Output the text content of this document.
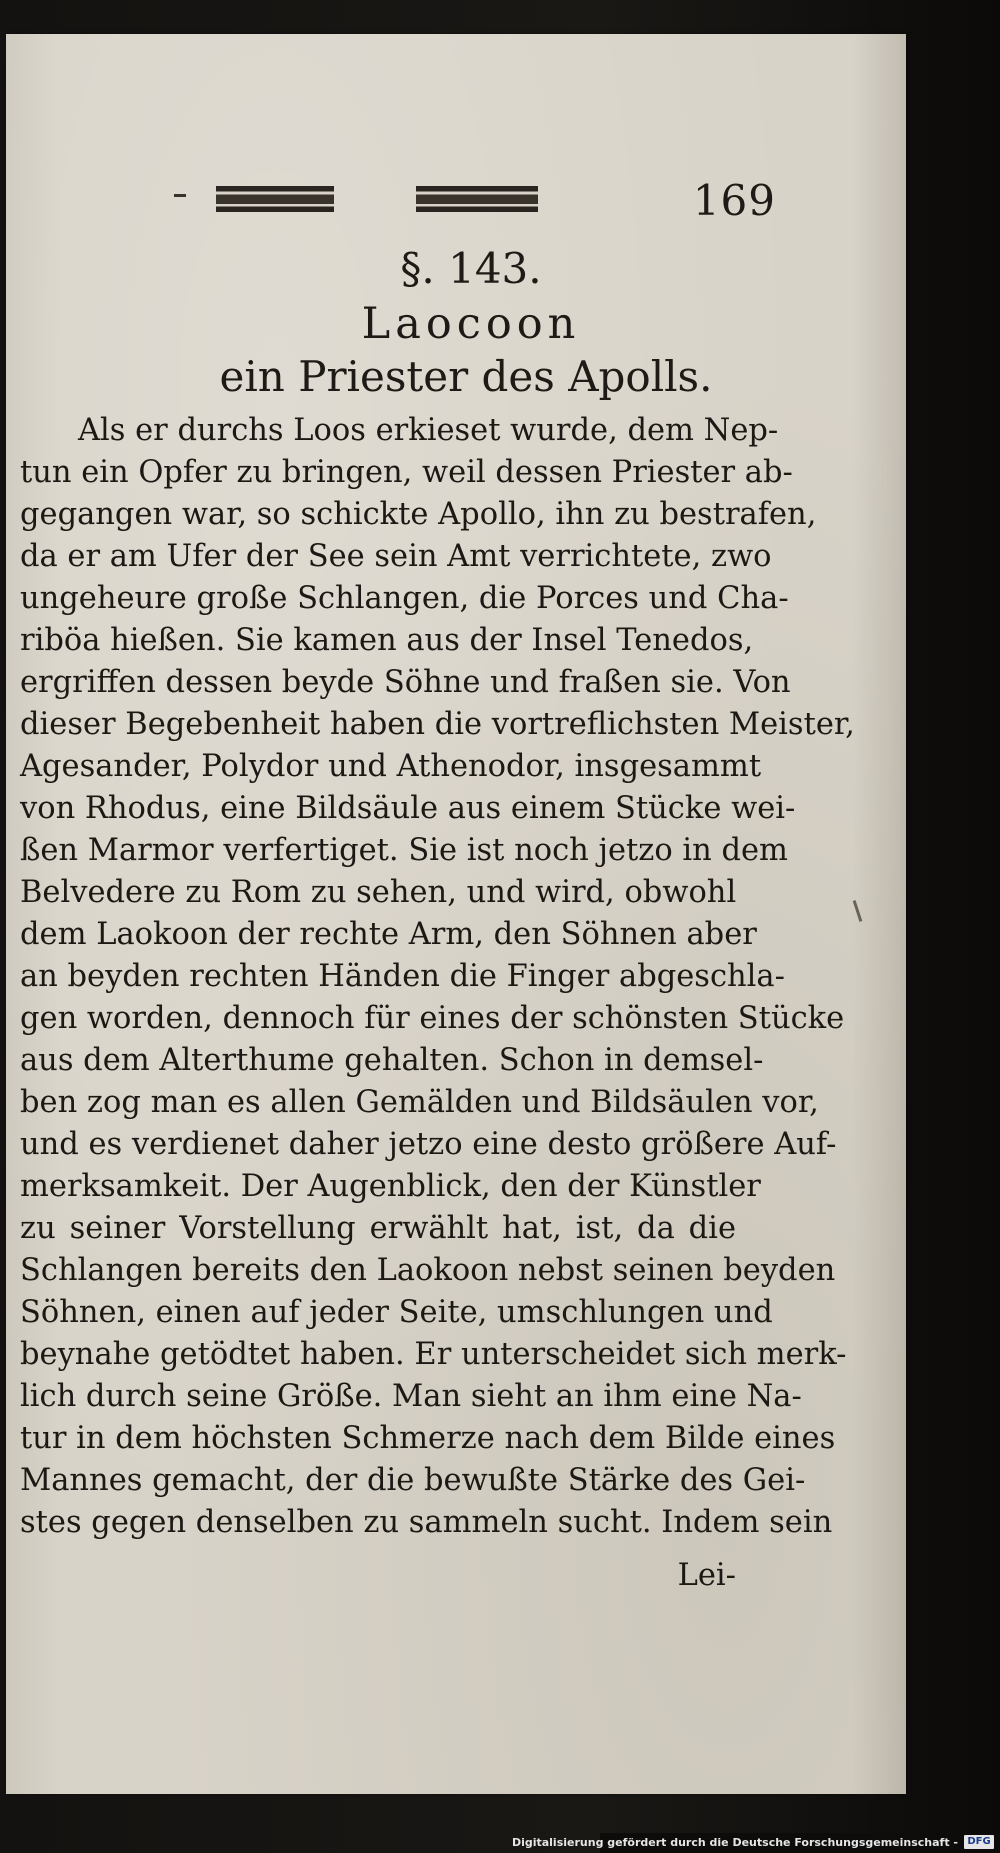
169
§. 143.
Laocoon
ein Priester des Apolls.
Als er durchs Loos erkieset wurde, dem Nep-
tun ein Opfer zu bringen, weil dessen Priester ab-
gegangen war, so schickte Apollo, ihn zu bestrafen,
da er am Ufer der See sein Amt verrichtete, zwo
ungeheure große Schlangen, die Porces und Cha-
riböa hießen. Sie kamen aus der Insel Tenedos,
ergriffen dessen beyde Söhne und fraßen sie. Von
dieser Begebenheit haben die vortreflichsten Meister,
Agesander, Polydor und Athenodor, insgesammt
von Rhodus, eine Bildsäule aus einem Stücke wei-
ßen Marmor verfertiget. Sie ist noch jetzo in dem
Belvedere zu Rom zu sehen, und wird, obwohl
dem Laokoon der rechte Arm, den Söhnen aber
an beyden rechten Händen die Finger abgeschla-
gen worden, dennoch für eines der schönsten Stücke
aus dem Alterthume gehalten. Schon in demsel-
ben zog man es allen Gemälden und Bildsäulen vor,
und es verdienet daher jetzo eine desto größere Auf-
merksamkeit. Der Augenblick, den der Künstler
zu seiner Vorstellung erwählt hat, ist, da die
Schlangen bereits den Laokoon nebst seinen beyden
Söhnen, einen auf jeder Seite, umschlungen und
beynahe getödtet haben. Er unterscheidet sich merk-
lich durch seine Größe. Man sieht an ihm eine Na-
tur in dem höchsten Schmerze nach dem Bilde eines
Mannes gemacht, der die bewußte Stärke des Gei-
stes gegen denselben zu sammeln sucht. Indem sein
Lei-
Digitalisierung gefördert durch die Deutsche Forschungsgemeinschaft - DFG
